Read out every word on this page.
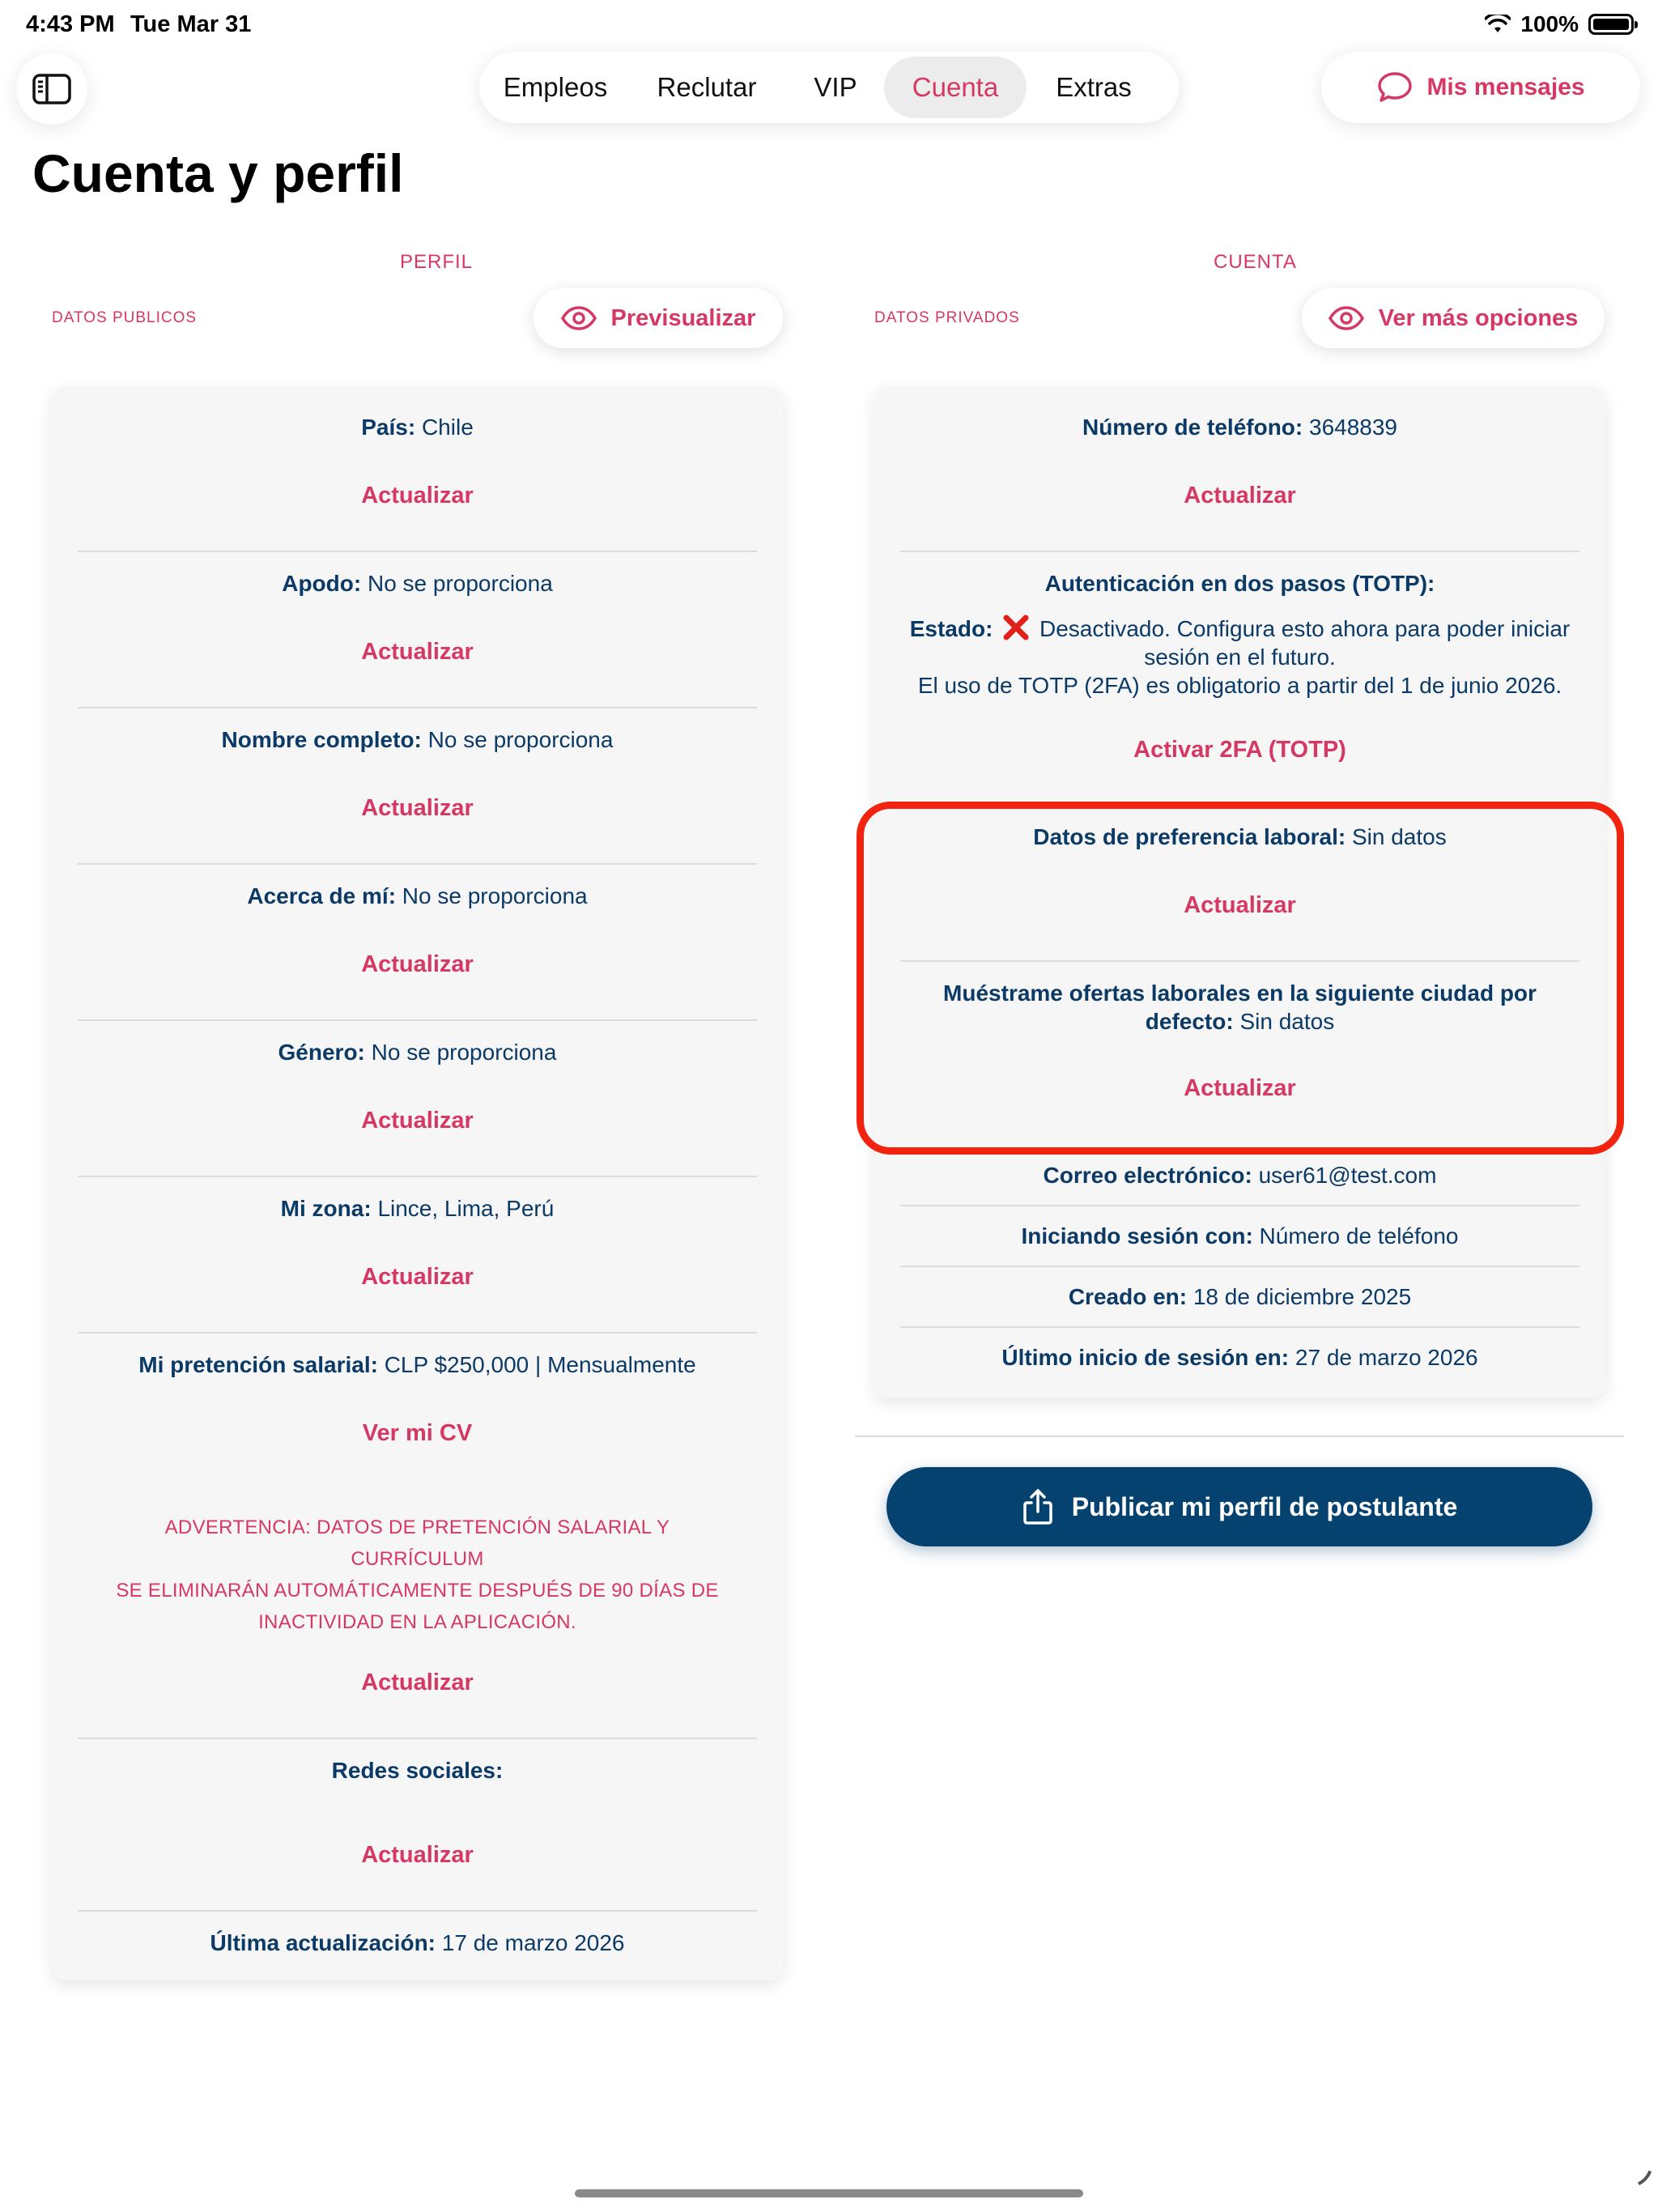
4:43 PM Tue Mar 31	100%
Empleos	Reclutar	VIP	Cuenta	Extras	Mis mensajes
Cuenta y perfil
PERFIL
DATOS PUBLICOS	Previsualizar
País: Chile
Actualizar
Apodo: No se proporciona
Actualizar
Nombre completo: No se proporciona
Actualizar
Acerca de mí: No se proporciona
Actualizar
Género: No se proporciona
Actualizar
Mi zona: Lince, Lima, Perú
Actualizar
Mi pretención salarial: CLP $250,000 | Mensualmente
Ver mi CV
ADVERTENCIA: DATOS DE PRETENCIÓN SALARIAL Y CURRÍCULUM
SE ELIMINARÁN AUTOMÁTICAMENTE DESPUÉS DE 90 DÍAS DE
INACTIVIDAD EN LA APLICACIÓN.
Actualizar
Redes sociales:
Actualizar
Última actualización: 17 de marzo 2026
CUENTA
DATOS PRIVADOS	Ver más opciones
Número de teléfono: 3648839
Actualizar
Autenticación en dos pasos (TOTP):
Estado: Desactivado. Configura esto ahora para poder iniciar
sesión en el futuro.
El uso de TOTP (2FA) es obligatorio a partir del 1 de junio 2026.
Activar 2FA (TOTP)
Datos de preferencia laboral: Sin datos
Actualizar
Muéstrame ofertas laborales en la siguiente ciudad por
defecto: Sin datos
Actualizar
Correo electrónico: user61@test.com
Iniciando sesión con: Número de teléfono
Creado en: 18 de diciembre 2025
Último inicio de sesión en: 27 de marzo 2026
Publicar mi perfil de postulante
